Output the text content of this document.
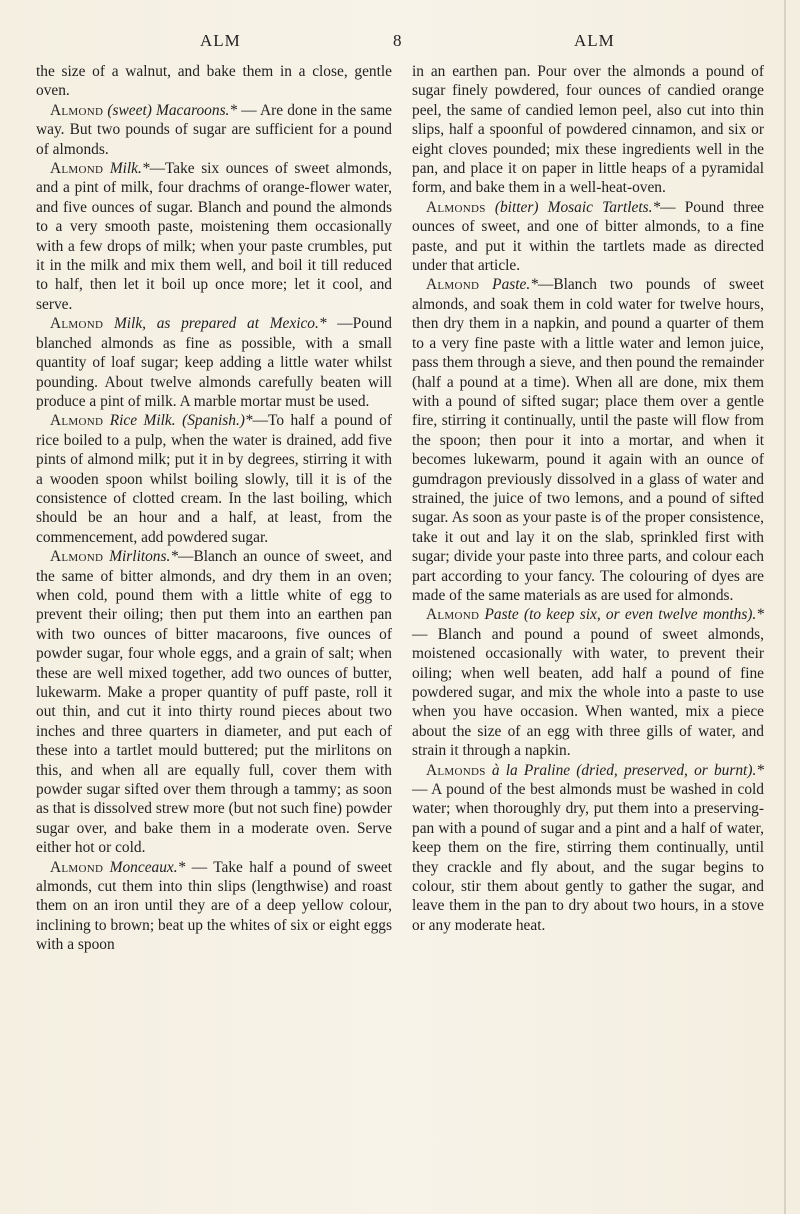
ALM	8	ALM

the size of a walnut, and bake them in a close, gentle oven.

Almond (sweet) Macaroons.* — Are done in the same way. But two pounds of sugar are sufficient for a pound of almonds.

Almond Milk.*—Take six ounces of sweet almonds, and a pint of milk, four drachms of orange-flower water, and five ounces of sugar. Blanch and pound the almonds to a very smooth paste, moistening them occasionally with a few drops of milk; when your paste crumbles, put it in the milk and mix them well, and boil it till reduced to half, then let it boil up once more; let it cool, and serve.

Almond Milk, as prepared at Mexico.* —Pound blanched almonds as fine as possible, with a small quantity of loaf sugar; keep adding a little water whilst pounding. About twelve almonds carefully beaten will produce a pint of milk. A marble mortar must be used.

Almond Rice Milk. (Spanish.)*—To half a pound of rice boiled to a pulp, when the water is drained, add five pints of almond milk; put it in by degrees, stirring it with a wooden spoon whilst boiling slowly, till it is of the consistence of clotted cream. In the last boiling, which should be an hour and a half, at least, from the commencement, add powdered sugar.

Almond Mirlitons.*—Blanch an ounce of sweet, and the same of bitter almonds, and dry them in an oven; when cold, pound them with a little white of egg to prevent their oiling; then put them into an earthen pan with two ounces of bitter macaroons, five ounces of powder sugar, four whole eggs, and a grain of salt; when these are well mixed together, add two ounces of butter, lukewarm. Make a proper quantity of puff paste, roll it out thin, and cut it into thirty round pieces about two inches and three quarters in diameter, and put each of these into a tartlet mould buttered; put the mirlitons on this, and when all are equally full, cover them with powder sugar sifted over them through a tammy; as soon as that is dissolved strew more (but not such fine) powder sugar over, and bake them in a moderate oven. Serve either hot or cold.

Almond Monceaux.* — Take half a pound of sweet almonds, cut them into thin slips (lengthwise) and roast them on an iron until they are of a deep yellow colour, inclining to brown; beat up the whites of six or eight eggs with a spoon

in an earthen pan. Pour over the almonds a pound of sugar finely powdered, four ounces of candied orange peel, the same of candied lemon peel, also cut into thin slips, half a spoonful of powdered cinnamon, and six or eight cloves pounded; mix these ingredients well in the pan, and place it on paper in little heaps of a pyramidal form, and bake them in a well-heat-oven.

Almonds (bitter) Mosaic Tartlets.*— Pound three ounces of sweet, and one of bitter almonds, to a fine paste, and put it within the tartlets made as directed under that article.

Almond Paste.*—Blanch two pounds of sweet almonds, and soak them in cold water for twelve hours, then dry them in a napkin, and pound a quarter of them to a very fine paste with a little water and lemon juice, pass them through a sieve, and then pound the remainder (half a pound at a time). When all are done, mix them with a pound of sifted sugar; place them over a gentle fire, stirring it continually, until the paste will flow from the spoon; then pour it into a mortar, and when it becomes lukewarm, pound it again with an ounce of gumdragon previously dissolved in a glass of water and strained, the juice of two lemons, and a pound of sifted sugar. As soon as your paste is of the proper consistence, take it out and lay it on the slab, sprinkled first with sugar; divide your paste into three parts, and colour each part according to your fancy. The colouring of dyes are made of the same materials as are used for almonds.

Almond Paste (to keep six, or even twelve months).* — Blanch and pound a pound of sweet almonds, moistened occasionally with water, to prevent their oiling; when well beaten, add half a pound of fine powdered sugar, and mix the whole into a paste to use when you have occasion. When wanted, mix a piece about the size of an egg with three gills of water, and strain it through a napkin.

Almonds à la Praline (dried, preserved, or burnt).* — A pound of the best almonds must be washed in cold water; when thoroughly dry, put them into a preserving-pan with a pound of sugar and a pint and a half of water, keep them on the fire, stirring them continually, until they crackle and fly about, and the sugar begins to colour, stir them about gently to gather the sugar, and leave them in the pan to dry about two hours, in a stove or any moderate heat.
